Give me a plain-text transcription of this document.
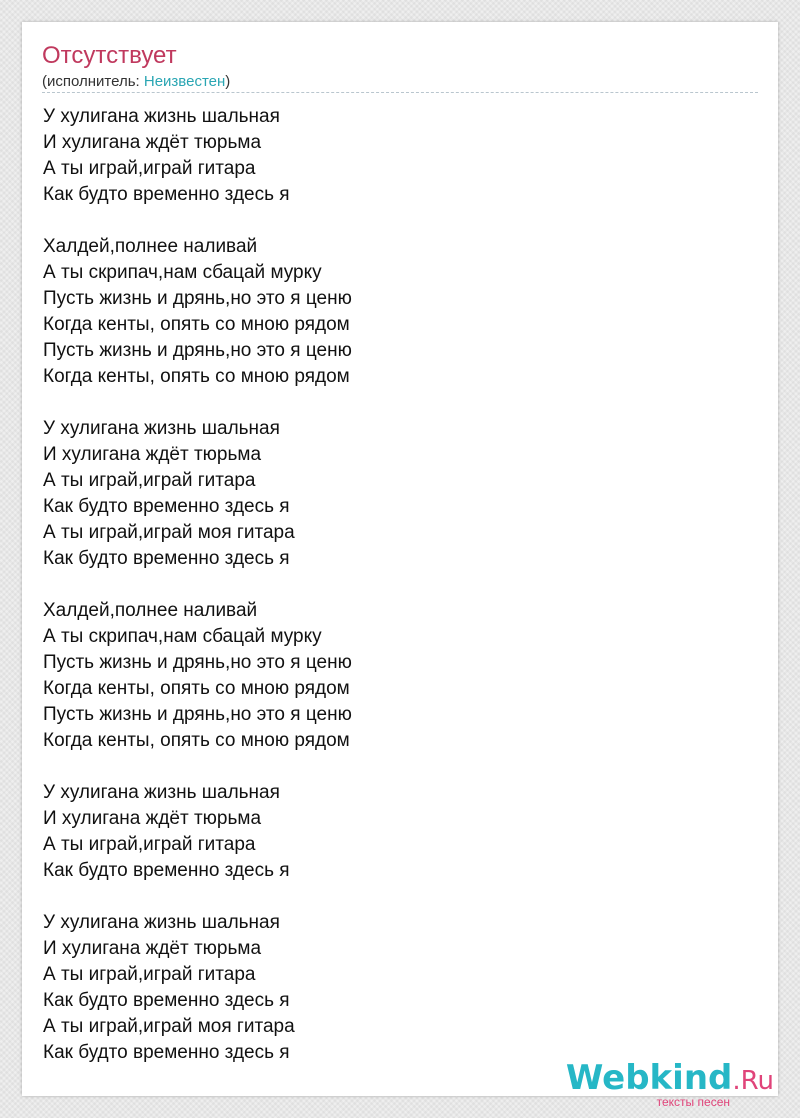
Отсутствует
(исполнитель: Неизвестен)
У хулигана жизнь шальная
И хулигана ждёт тюрьма
А ты играй,играй гитара
Как будто временно здесь я
Халдей,полнее наливай
А ты скрипач,нам сбацай мурку
Пусть жизнь и дрянь,но это я ценю
Когда кенты, опять со мною рядом
Пусть жизнь и дрянь,но это я ценю
Когда кенты, опять со мною рядом
У хулигана жизнь шальная
И хулигана ждёт тюрьма
А ты играй,играй гитара
Как будто временно здесь я
А ты играй,играй моя гитара
Как будто временно здесь я
Халдей,полнее наливай
А ты скрипач,нам сбацай мурку
Пусть жизнь и дрянь,но это я ценю
Когда кенты, опять со мною рядом
Пусть жизнь и дрянь,но это я ценю
Когда кенты, опять со мною рядом
У хулигана жизнь шальная
И хулигана ждёт тюрьма
А ты играй,играй гитара
Как будто временно здесь я
У хулигана жизнь шальная
И хулигана ждёт тюрьма
А ты играй,играй гитара
Как будто временно здесь я
А ты играй,играй моя гитара
Как будто временно здесь я
Webkind.Ru
тексты песен
